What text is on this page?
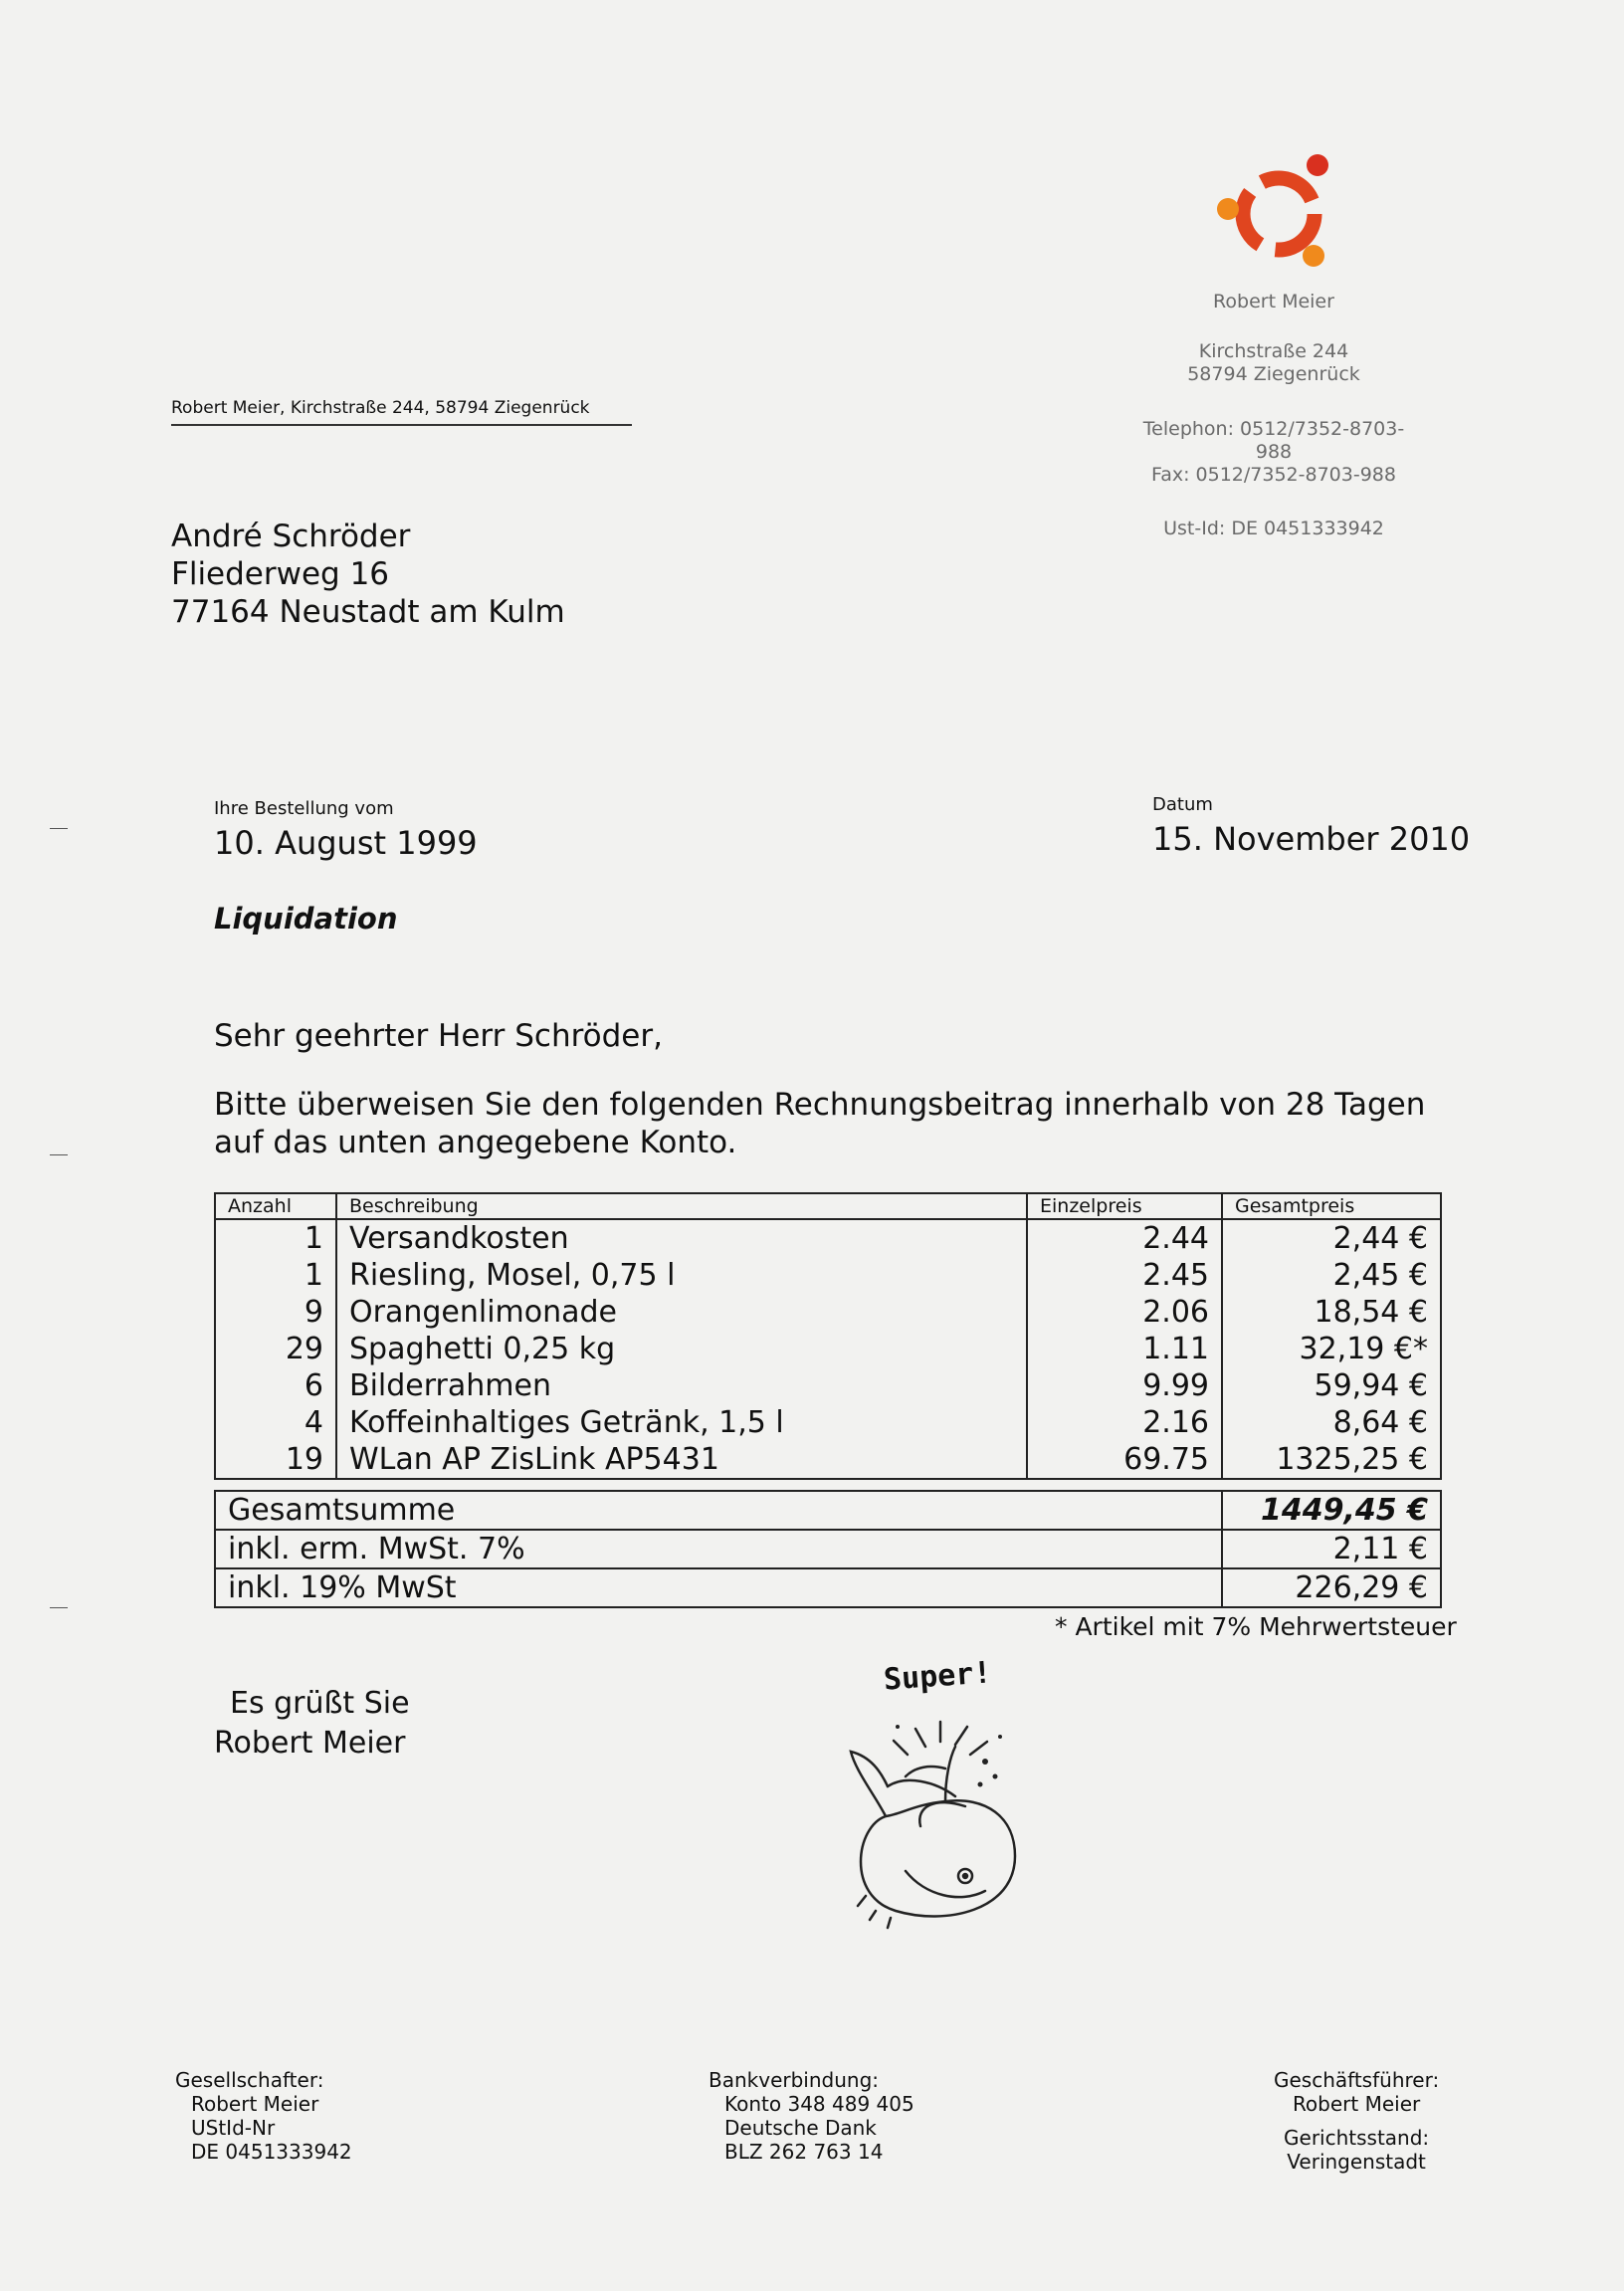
Robert Meier
Kirchstraße 244
58794 Ziegenrück
Telephon: 0512/7352-8703-
988
Fax: 0512/7352-8703-988
Ust-Id: DE 0451333942
Robert Meier, Kirchstraße 244, 58794 Ziegenrück
André Schröder
Fliederweg 16
77164 Neustadt am Kulm
Ihre Bestellung vom
10. August 1999
Datum
15. November 2010
Liquidation
Sehr geehrter Herr Schröder,
Bitte überweisen Sie den folgenden Rechnungsbeitrag innerhalb von 28 Tagen
auf das unten angegebene Konto.
Anzahl	Beschreibung	Einzelpreis	Gesamtpreis
1	Versandkosten	2.44	2,44 €
1	Riesling, Mosel, 0,75 l	2.45	2,45 €
9	Orangenlimonade	2.06	18,54 €
29	Spaghetti 0,25 kg	1.11	32,19 €*
6	Bilderrahmen	9.99	59,94 €
4	Koffeinhaltiges Getränk, 1,5 l	2.16	8,64 €
19	WLan AP ZisLink AP5431	69.75	1325,25 €
Gesamtsumme	1449,45 €
inkl. erm. MwSt. 7%	2,11 €
inkl. 19% MwSt	226,29 €
* Artikel mit 7% Mehrwertsteuer
Es grüßt Sie
Robert Meier
Super!
Gesellschafter:
Robert Meier
UStId-Nr
DE 0451333942
Bankverbindung:
Konto 348 489 405
Deutsche Dank
BLZ 262 763 14
Geschäftsführer:
Robert Meier
Gerichtsstand:
Veringenstadt
